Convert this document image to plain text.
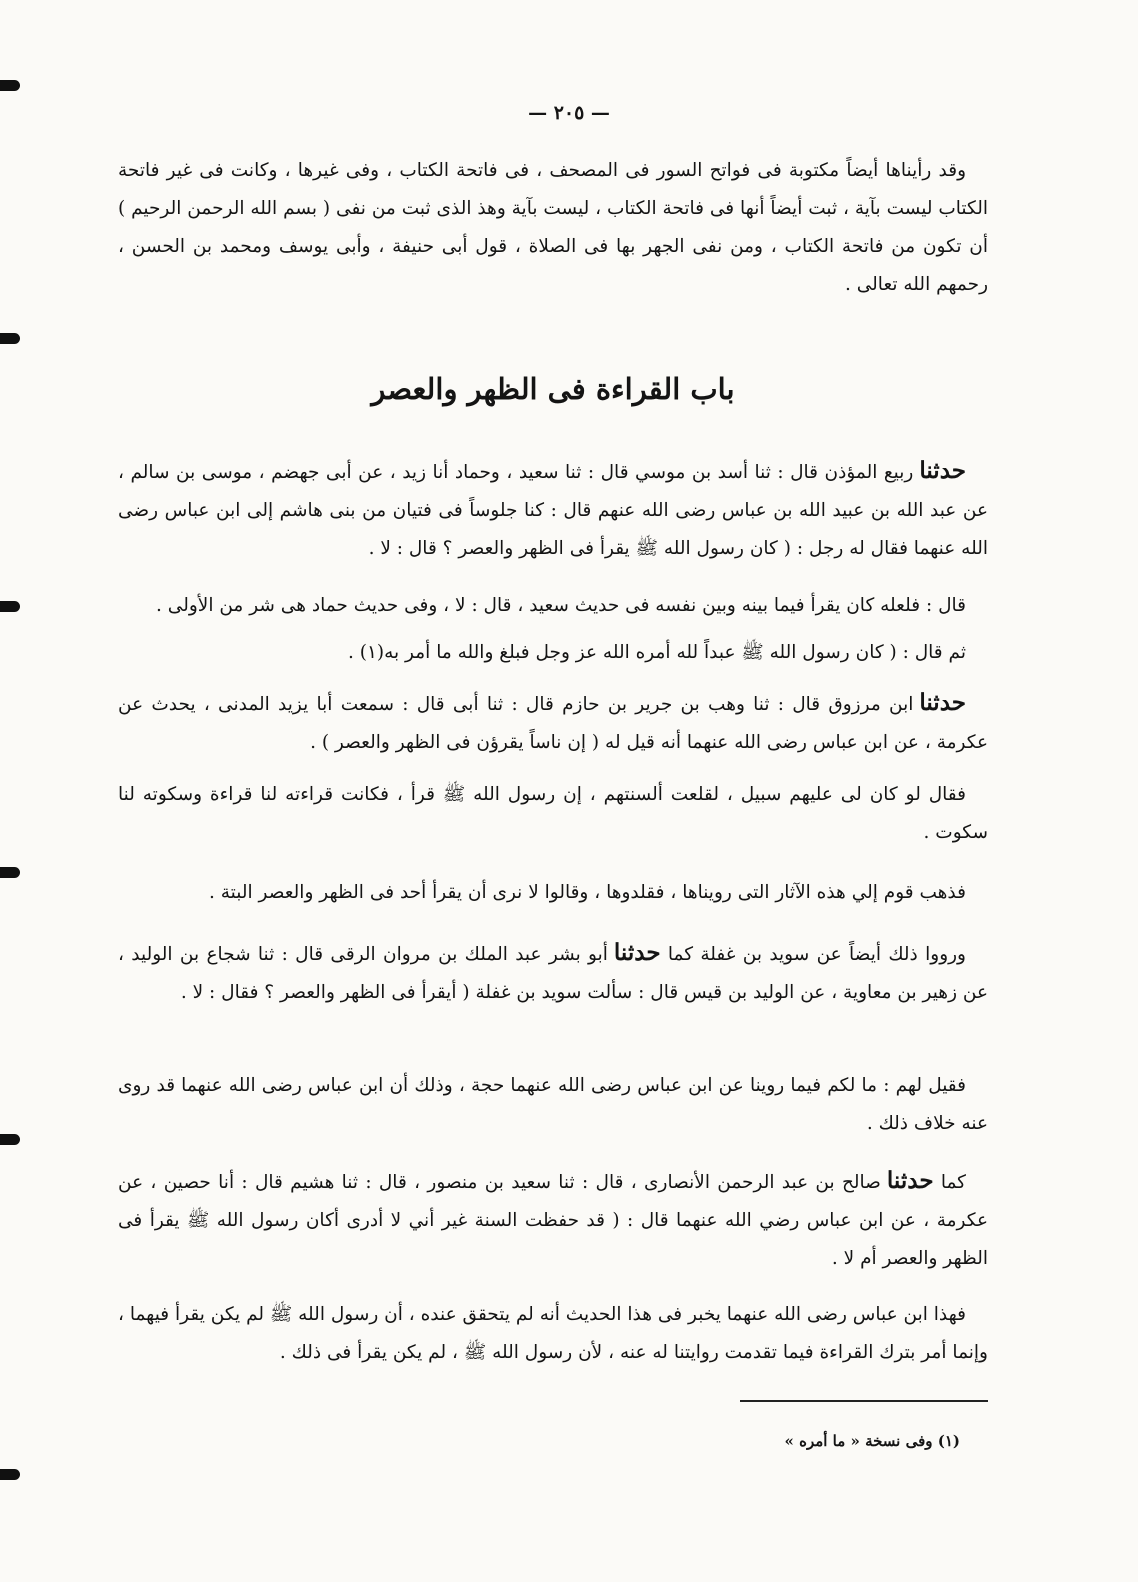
— ٢٠٥ —

وقد رأيناها أيضاً مكتوبة فى فواتح السور فى المصحف ، فى فاتحة الكتاب ، وفى غيرها ، وكانت فى غير فاتحة الكتاب ليست بآية ، ثبت أيضاً أنها فى فاتحة الكتاب ، ليست بآية وهذ الذى ثبت من نفى ( بسم الله الرحمن الرحيم ) أن تكون من فاتحة الكتاب ، ومن نفى الجهر بها فى الصلاة ، قول أبى حنيفة ، وأبى يوسف ومحمد بن الحسن ، رحمهم الله تعالى .

باب القراءة فى الظهر والعصر

حدثناربيع المؤذن قال : ثنا أسد بن موسي قال : ثنا سعيد ، وحماد أنا زيد ، عن أبى جهضم ، موسى بن سالم ، عن عبد الله بن عبيد الله بن عباس رضى الله عنهم قال : كنا جلوساً فى فتيان من بنى هاشم إلى ابن عباس رضى الله عنهما فقال له رجل : ( كان رسول الله ﷺ يقرأ فى الظهر والعصر ؟ قال : لا .

قال : فلعله كان يقرأ فيما بينه وبين نفسه فى حديث سعيد ، قال : لا ، وفى حديث حماد هى شر من الأولى .

ثم قال : ( كان رسول الله ﷺ عبداً لله أمره الله عز وجل فبلغ والله ما أمر به(١) .

حدثناابن مرزوق قال : ثنا وهب بن جرير بن حازم قال : ثنا أبى قال : سمعت أبا يزيد المدنى ، يحدث عن عكرمة ، عن ابن عباس رضى الله عنهما أنه قيل له ( إن ناساً يقرؤن فى الظهر والعصر ) .

فقال لو كان لى عليهم سبيل ، لقلعت ألسنتهم ، إن رسول الله ﷺ قرأ ، فكانت قراءته لنا قراءة وسكوته لنا سكوت .

فذهب قوم إلي هذه الآثار التى رويناها ، فقلدوها ، وقالوا لا نرى أن يقرأ أحد فى الظهر والعصر البتة .

ورووا ذلك أيضاً عن سويد بن غفلة كما حدثناأبو بشر عبد الملك بن مروان الرقى قال : ثنا شجاع بن الوليد ، عن زهير بن معاوية ، عن الوليد بن قيس قال : سألت سويد بن غفلة ( أيقرأ فى الظهر والعصر ؟ فقال : لا .

فقيل لهم : ما لكم فيما روينا عن ابن عباس رضى الله عنهما حجة ، وذلك أن ابن عباس رضى الله عنهما قد روى عنه خلاف ذلك .

كما حدثناصالح بن عبد الرحمن الأنصارى ، قال : ثنا سعيد بن منصور ، قال : ثنا هشيم قال : أنا حصين ، عن عكرمة ، عن ابن عباس رضي الله عنهما قال : ( قد حفظت السنة غير أني لا أدرى أكان رسول الله ﷺ يقرأ فى الظهر والعصر أم لا .

فهذا ابن عباس رضى الله عنهما يخبر فى هذا الحديث أنه لم يتحقق عنده ، أن رسول الله ﷺ لم يكن يقرأ فيهما ، وإنما أمر بترك القراءة فيما تقدمت روايتنا له عنه ، لأن رسول الله ﷺ ، لم يكن يقرأ فى ذلك .

(١) وفى نسخة « ما أمره »
